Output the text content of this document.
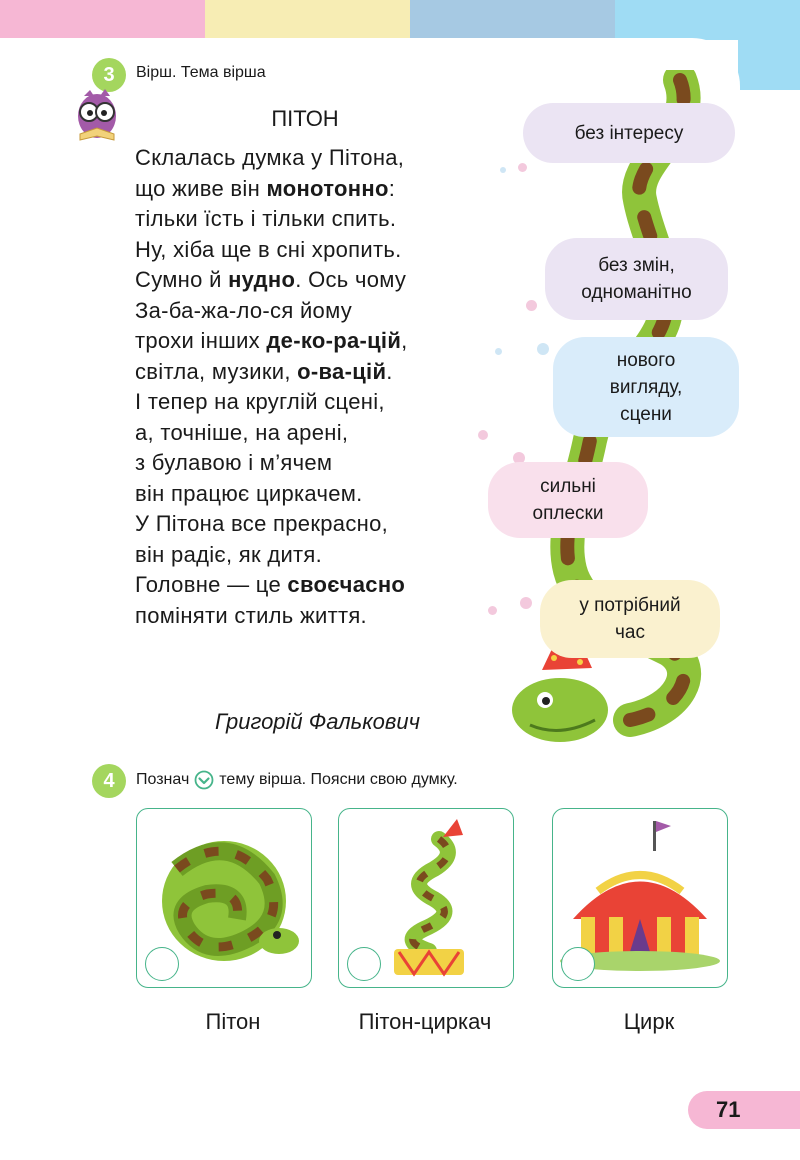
3	Вірш. Тема вірша
ПІТОН
Склалась думка у Пітона,
що живе він монотонно:
тільки їсть і тільки спить.
Ну, хіба ще в сні хропить.
Сумно й нудно. Ось чому
За-ба-жа-ло-ся йому
трохи інших де-ко-ра-цій,
світла, музики, о-ва-цій.
І тепер на круглій сцені,
а, точніше, на арені,
з булавою і м’ячем
він працює циркачем.
У Пітона все прекрасно,
він радіє, як дитя.
Головне — це своєчасно
поміняти стиль життя.
Григорій Фалькович
без інтересу
без змін,
одноманітно
нового
вигляду,
сцени
сильні
оплески
у потрібний
час
4	Познач тему вірша. Поясни свою думку.
Пітон	Пітон-циркач	Цирк
71
